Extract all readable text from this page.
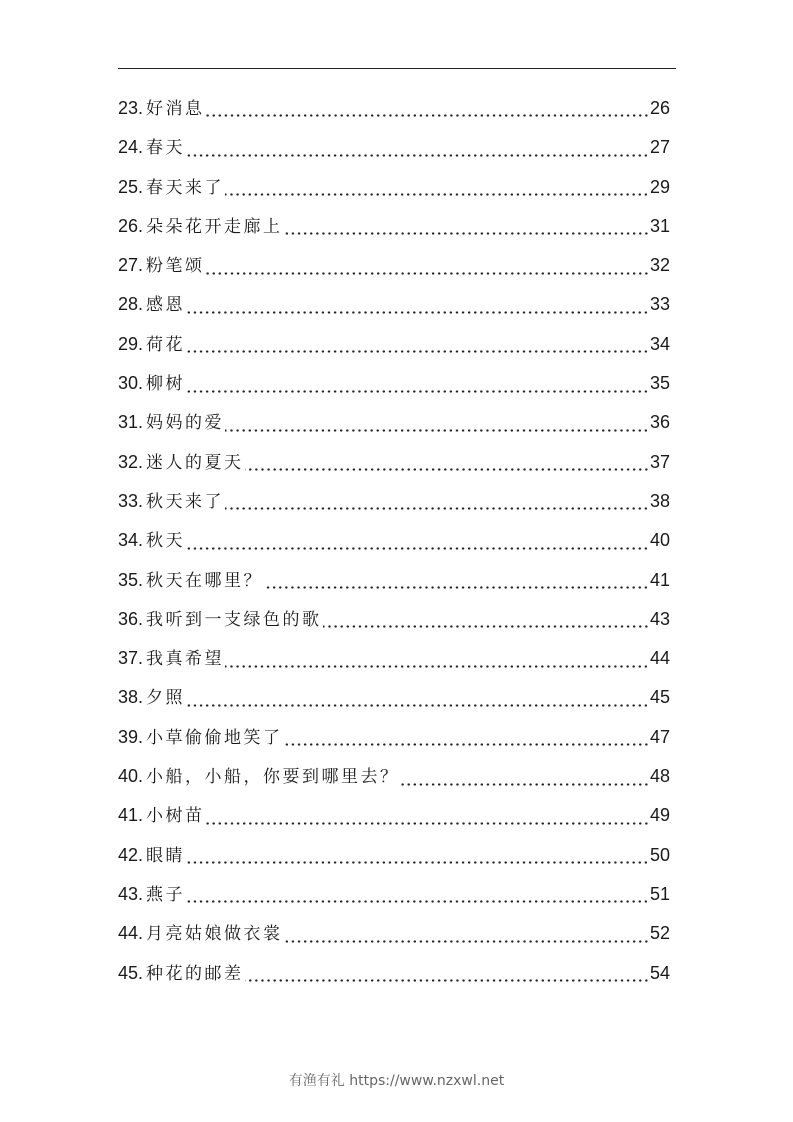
23 . 好消息	26
24 . 春天	27
25 . 春天来了	29
26 . 朵朵花开走廊上	31
27 . 粉笔颂	32
28 . 感恩	33
29 . 荷花	34
30 . 柳树	35
31 . 妈妈的爱	36
32 . 迷人的夏天	37
33 . 秋天来了	38
34 . 秋天	40
35 . 秋天在哪里？	41
36 . 我听到一支绿色的歌	43
37 . 我真希望	44
38 . 夕照	45
39 . 小草偷偷地笑了	47
40 . 小船，小船，你要到哪里去？	48
41 . 小树苗	49
42 . 眼睛	50
43 . 燕子	51
44 . 月亮姑娘做衣裳	52
45 . 种花的邮差	54
有渔有礼 https://www.nzxwl.net
